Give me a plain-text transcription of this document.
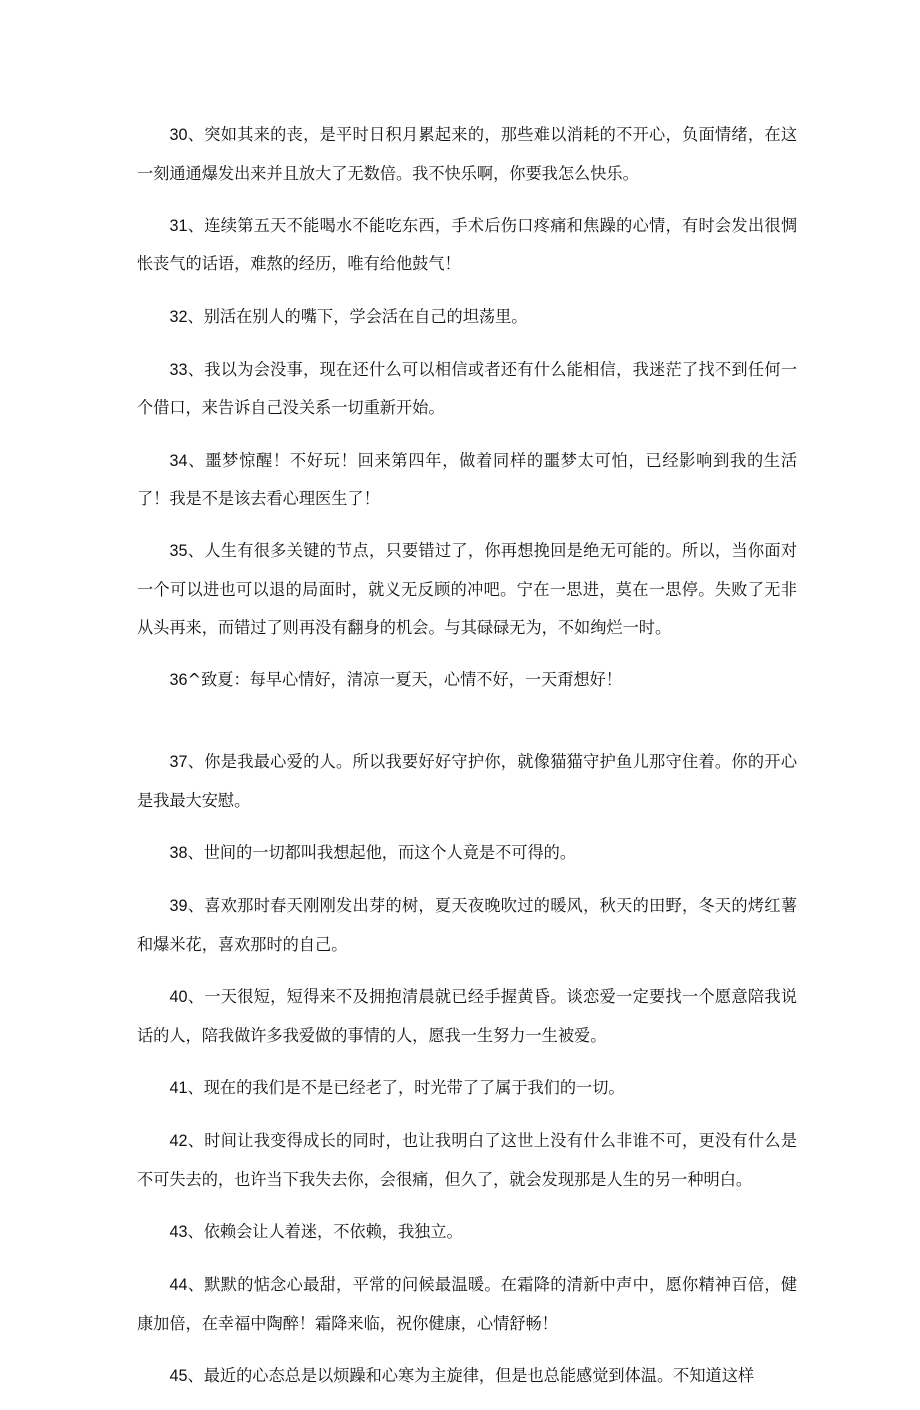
30、突如其来的丧，是平时日积月累起来的，那些难以消耗的不开心，负面情绪，在这一刻通通爆发出来并且放大了无数倍。我不快乐啊，你要我怎么快乐。

31、连续第五天不能喝水不能吃东西，手术后伤口疼痛和焦躁的心情，有时会发出很惆怅丧气的话语，难熬的经历，唯有给他鼓气！

32、别活在别人的嘴下，学会活在自己的坦荡里。

33、我以为会没事，现在还什么可以相信或者还有什么能相信，我迷茫了找不到任何一个借口，来告诉自己没关系一切重新开始。

34、噩梦惊醒！不好玩！回来第四年，做着同样的噩梦太可怕，已经影响到我的生活了！我是不是该去看心理医生了！

35、人生有很多关键的节点，只要错过了，你再想挽回是绝无可能的。所以，当你面对一个可以进也可以退的局面时，就义无反顾的冲吧。宁在一思进，莫在一思停。失败了无非从头再来，而错过了则再没有翻身的机会。与其碌碌无为，不如绚烂一时。

36^致夏：每早心情好，清凉一夏天，心情不好，一天甭想好！

37、你是我最心爱的人。所以我要好好守护你，就像猫猫守护鱼儿那守住着。你的开心是我最大安慰。

38、世间的一切都叫我想起他，而这个人竟是不可得的。

39、喜欢那时春天刚刚发出芽的树，夏天夜晚吹过的暖风，秋天的田野，冬天的烤红薯和爆米花，喜欢那时的自己。

40、一天很短，短得来不及拥抱清晨就已经手握黄昏。谈恋爱一定要找一个愿意陪我说话的人，陪我做许多我爱做的事情的人，愿我一生努力一生被爱。

41、现在的我们是不是已经老了，时光带了了属于我们的一切。

42、时间让我变得成长的同时，也让我明白了这世上没有什么非谁不可，更没有什么是不可失去的，也许当下我失去你，会很痛，但久了，就会发现那是人生的另一种明白。

43、依赖会让人着迷，不依赖，我独立。

44、默默的惦念心最甜，平常的问候最温暖。在霜降的清新中声中，愿你精神百倍，健康加倍，在幸福中陶醉！霜降来临，祝你健康，心情舒畅！

45、最近的心态总是以烦躁和心寒为主旋律，但是也总能感觉到体温。不知道这样
